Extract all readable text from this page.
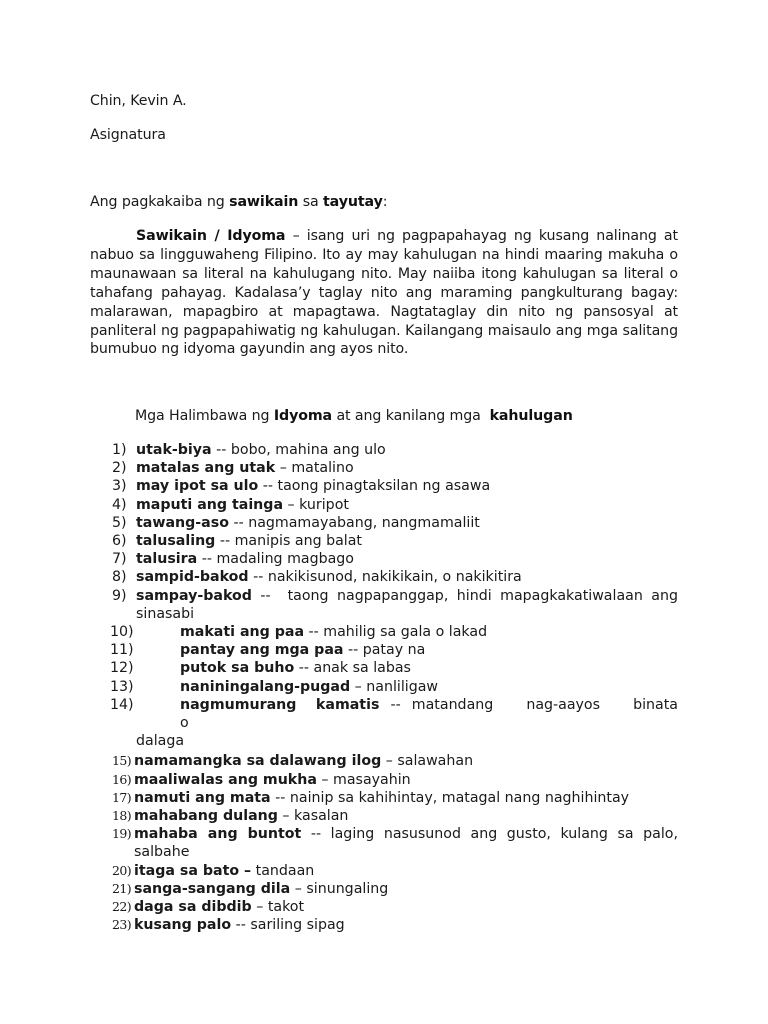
Chin, Kevin A.
Asignatura
Ang pagkakaiba ng sawikain sa tayutay:
Sawikain / Idyoma – isang uri ng pagpapahayag ng kusang nalinang at nabuo sa lingguwaheng Filipino. Ito ay may kahulugan na hindi maaring makuha o maunawaan sa literal na kahulugang nito. May naiiba itong kahulugan sa literal o tahafang pahayag. Kadalasa’y taglay nito ang maraming pangkulturang bagay: malarawan, mapagbiro at mapagtawa. Nagtataglay din nito ng pansosyal at panliteral ng pagpapahiwatig ng kahulugan. Kailangang maisaulo ang mga salitang bumubuo ng idyoma gayundin ang ayos nito.
Mga Halimbawa ng Idyoma at ang kanilang mga  kahulugan
1) utak-biya -- bobo, mahina ang ulo
2) matalas ang utak – matalino
3) may ipot sa ulo -- taong pinagtaksilan ng asawa
4) maputi ang tainga – kuripot
5) tawang-aso -- nagmamayabang, nangmamaliit
6) talusaling -- manipis ang balat
7) talusira -- madaling magbago
8) sampid-bakod -- nakikisunod, nakikikain, o nakikitira
9) sampay-bakod --  taong nagpapanggap, hindi mapagkakatiwalaan ang sinasabi
10)	makati ang paa -- mahilig sa gala o lakad
11)	pantay ang mga paa -- patay na
12)	putok sa buho -- anak sa labas
13)	naniningalang-pugad – nanliligaw
14)	nagmumurang kamatis -- matandang nag-aayos binata o
dalaga
15) namamangka sa dalawang ilog – salawahan
16) maaliwalas ang mukha – masayahin
17) namuti ang mata -- nainip sa kahihintay, matagal nang naghihintay
18) mahabang dulang – kasalan
19) mahaba ang buntot -- laging nasusunod ang gusto, kulang sa palo, salbahe
20) itaga sa bato – tandaan
21) sanga-sangang dila – sinungaling
22) daga sa dibdib – takot
23) kusang palo -- sariling sipag
